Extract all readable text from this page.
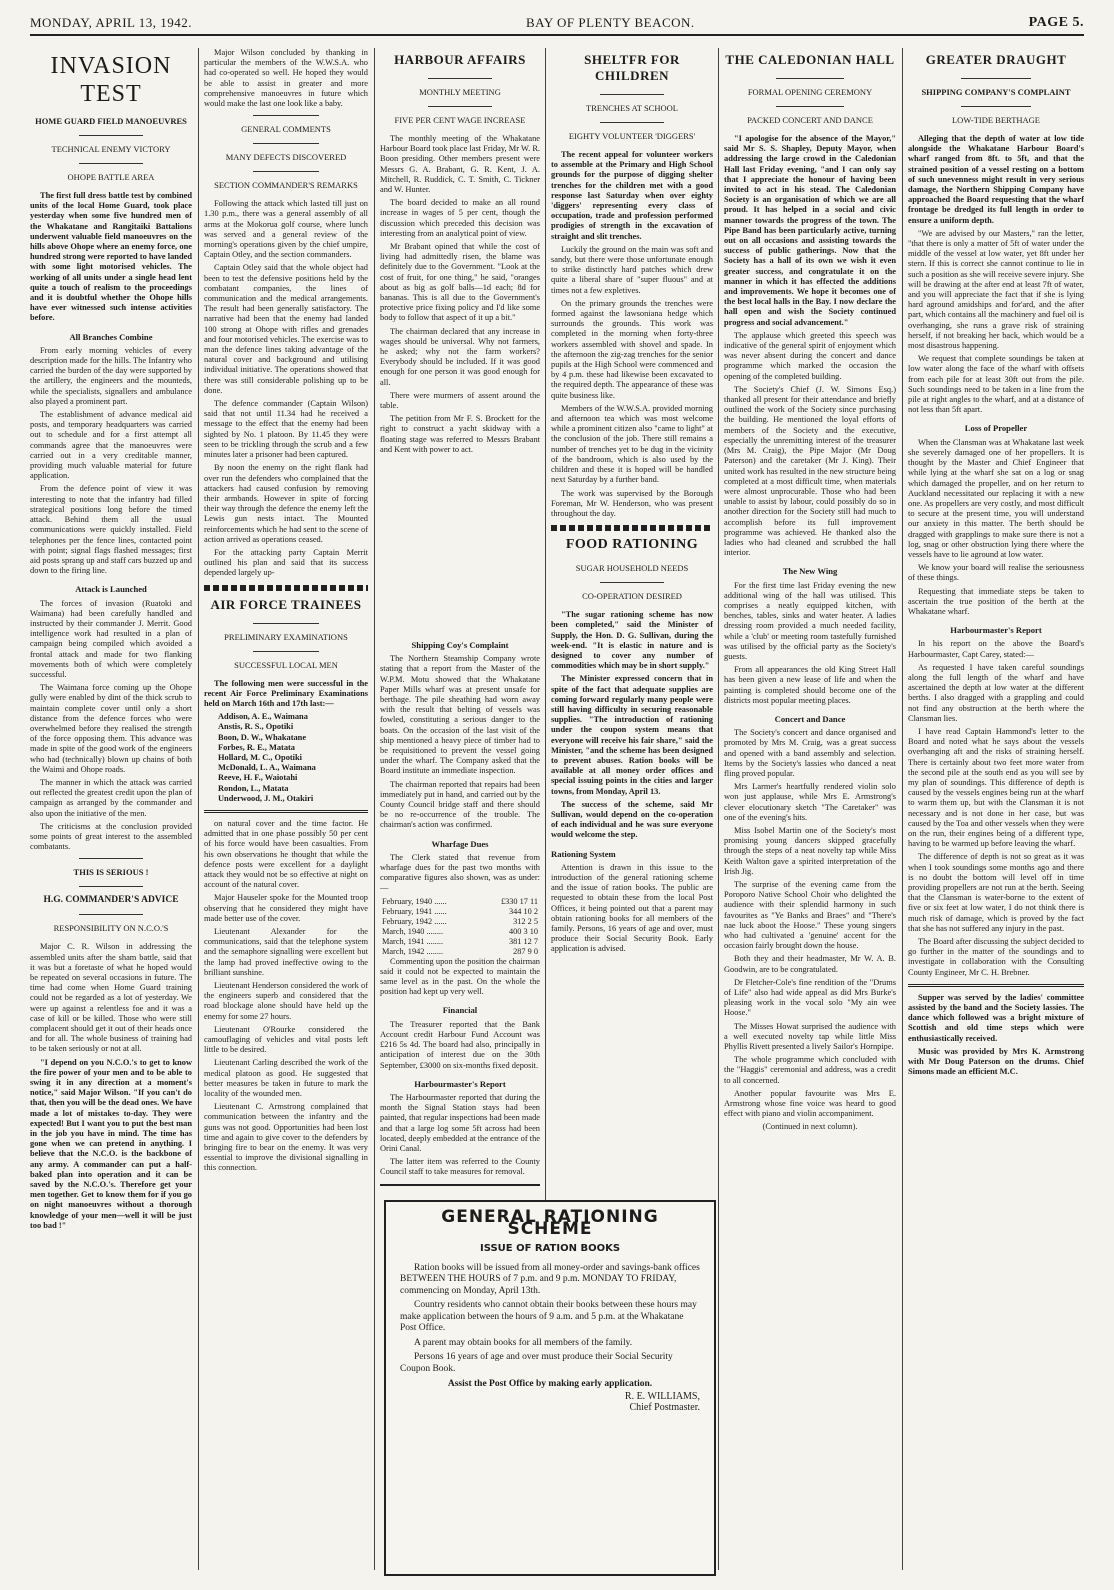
MONDAY, APRIL 13, 1942.	BAY OF PLENTY BEACON.	PAGE 5.
INVASION TEST
HOME GUARD FIELD MANOEUVRES
TECHNICAL ENEMY VICTORY
OHOPE BATTLE AREA

The first full dress battle test by combined units of the local Home Guard, took place yesterday when some five hundred men of the Whakatane and Rangitaiki Battalions underwent valuable field manoeuvres on the hills above Ohope where an enemy force, one hundred strong were reported to have landed with some light motorised vehicles. The working of all units under a single head lent quite a touch of realism to the proceedings and it is doubtful whether the Ohope hills have ever witnessed such intense activities before.

All Branches Combine

From early morning vehicles of every description made for the hills. The Infantry who carried the burden of the day were supported by the artillery, the engineers and the mounteds, while the specialists, signallers and ambulance also played a prominent part.

The establishment of advance medical aid posts, and temporary headquarters was carried out to schedule and for a first attempt all commands agree that the manoeuvres were carried out in a very creditable manner, providing much valuable material for future application.

From the defence point of view it was interesting to note that the infantry had filled strategical positions long before the timed attack. Behind them all the usual communications were quickly installed. Field telephones per the fence lines, contacted point with point; signal flags flashed messages; first aid posts sprang up and staff cars buzzed up and down to the firing line.

Attack is Launched

The forces of invasion (Ruatoki and Waimana) had been carefully handled and instructed by their commander J. Merrit. Good intelligence work had resulted in a plan of campaign being compiled which avoided a frontal attack and made for two flanking movements both of which were completely successful.

The Waimana force coming up the Ohope gully were enabled by dint of the thick scrub to maintain complete cover until only a short distance from the defence forces who were overwhelmed before they realised the strength of the force opposing them. This advance was made in spite of the good work of the engineers who had (technically) blown up chains of both the Waimi and Ohope roads.

The manner in which the attack was carried out reflected the greatest credit upon the plan of campaign as arranged by the commander and also upon the initiative of the men.

The criticisms at the conclusion provided some points of great interest to the assembled combatants.

THIS IS SERIOUS !
H.G. COMMANDER'S ADVICE
RESPONSIBILITY ON N.C.O.'S

Major C. R. Wilson in addressing the assembled units after the sham battle, said that it was but a foretaste of what he hoped would be repeated on several occasions in future. The time had come when Home Guard training could not be regarded as a lot of yesterday. We were up against a relentless foe and it was a case of kill or be killed. Those who were still complacent should get it out of their heads once and for all. The whole business of training had to be taken seriously or not at all.

"I depend on you N.C.O.'s to get to know the fire power of your men and to be able to swing it in any direction at a moment's notice," said Major Wilson. "If you can't do that, then you will be the dead ones. We have made a lot of mistakes to-day. They were expected! But I want you to put the best man in the job you have in mind. The time has gone when we can pretend in anything. I believe that the N.C.O. is the backbone of any army. A commander can put a half-baked plan into operation and it can be saved by the N.C.O.'s. Therefore get your men together. Get to know them for if you go on night manoeuvres without a thorough knowledge of your men—well it will be just too bad !"

Major Wilson concluded by thanking in particular the members of the W.W.S.A. who had co-operated so well. He hoped they would be able to assist in greater and more comprehensive manoeuvres in future which would make the last one look like a baby.

GENERAL COMMENTS
MANY DEFECTS DISCOVERED
SECTION COMMANDER'S REMARKS

Following the attack which lasted till just on 1.30 p.m., there was a general assembly of all arms at the Mokorua golf course, where lunch was served and a general review of the morning's operations given by the chief umpire, Captain Otley, and the section commanders.

Captain Otley said that the whole object had been to test the defensive positions held by the combatant companies, the lines of communication and the medical arrangements. The result had been generally satisfactory. The narrative had been that the enemy had landed 100 strong at Ohope with rifles and grenades and four motorised vehicles. The exercise was to man the defence lines taking advantage of the natural cover and background and utilising individual initiative. The operations showed that there was still considerable polishing up to be done.

The defence commander (Captain Wilson) said that not until 11.34 had he received a message to the effect that the enemy had been sighted by No. 1 platoon. By 11.45 they were seen to be trickling through the scrub and a few minutes later a prisoner had been captured.

By noon the enemy on the right flank had over run the defenders who complained that the attackers had caused confusion by removing their armbands. However in spite of forcing their way through the defence the enemy left the Lewis gun nests intact. The Mounted reinforcements which he had sent to the scene of action arrived as operations ceased.

For the attacking party Captain Merrit outlined his plan and said that its success depended largely up-

AIR FORCE TRAINEES
PRELIMINARY EXAMINATIONS
SUCCESSFUL LOCAL MEN

The following men were successful in the recent Air Force Preliminary Examinations held on March 16th and 17th last:—

Addison, A. E., Waimana
Anstis, R. S., Opotiki
Boon, D. W., Whakatane
Forbes, R. E., Matata
Hollard, M. C., Opotiki
McDonald, L. A., Waimana
Reeve, H. F., Waiotahi
Rondon, L., Matata
Underwood, J. M., Otakiri

on natural cover and the time factor. He admitted that in one phase possibly 50 per cent of his force would have been casualties. From his own observations he thought that while the defence posts were excellent for a daylight attack they would not be so effective at night on account of the natural cover.

Major Hauseler spoke for the Mounted troop observing that he considered they might have made better use of the cover.

Lieutenant Alexander for the communications, said that the telephone system and the semaphore signalling were excellent but the lamp had proved ineffective owing to the brilliant sunshine.

Lieutenant Henderson considered the work of the engineers superb and considered that the road blockage alone should have held up the enemy for some 27 hours.

Lieutenant O'Rourke considered the camouflaging of vehicles and vital posts left little to be desired.

Lieutenant Carling described the work of the medical platoon as good. He suggested that better measures be taken in future to mark the locality of the wounded men.

Lieutenant C. Armstrong complained that communication between the infantry and the guns was not good. Opportunities had been lost time and again to give cover to the defenders by bringing fire to bear on the enemy. It was very essential to improve the divisional signalling in this connection.

HARBOUR AFFAIRS
MONTHLY MEETING
FIVE PER CENT WAGE INCREASE

The monthly meeting of the Whakatane Harbour Board took place last Friday, Mr W. R. Boon presiding. Other members present were Messrs G. A. Brabant, G. R. Kent, J. A. Mitchell, R. Ruddick, C. T. Smith, C. Tickner and W. Hunter.

The board decided to make an all round increase in wages of 5 per cent, though the discussion which preceded this decision was interesting from an analytical point of view.

Mr Brabant opined that while the cost of living had admittedly risen, the blame was definitely due to the Government. "Look at the cost of fruit, for one thing," he said, "oranges about as big as golf balls—1d each; 8d for bananas. This is all due to the Government's protective price fixing policy and I'd like some body to follow that aspect of it up a bit."

The chairman declared that any increase in wages should be universal. Why not farmers, he asked; why not the farm workers? Everybody should be included. If it was good enough for one person it was good enough for all.

There were murmers of assent around the table.

The petition from Mr F. S. Brockett for the right to construct a yacht skidway with a floating stage was referred to Messrs Brabant and Kent with power to act.

Shipping Coy's Complaint

The Northern Steamship Company wrote stating that a report from the Master of the W.P.M. Motu showed that the Whakatane Paper Mills wharf was at present unsafe for berthage. The pile sheathing had worn away with the result that belting of vessels was fowled, constituting a serious danger to the boats. On the occasion of the last visit of the ship mentioned a heavy piece of timber had to be requisitioned to prevent the vessel going under the wharf. The Company asked that the Board institute an immediate inspection.

The chairman reported that repairs had been immediately put in hand, and carried out by the County Council bridge staff and there should be no re-occurrence of the trouble. The chairman's action was confirmed.

Wharfage Dues

The Clerk stated that revenue from wharfage dues for the past two months with comparative figures also shown, was as under:—

February, 1940 ......	£330 17 11
February, 1941 ......	344 10 2
February, 1942 ......	312 2 5
March, 1940 ........	400 3 10
March, 1941 ........	381 12 7
March, 1942 ........	287 9 0

Commenting upon the position the chairman said it could not be expected to maintain the same level as in the past. On the whole the position had kept up very well.

Financial

The Treasurer reported that the Bank Account credit Harbour Fund Account was £216 5s 4d. The board had also, principally in anticipation of interest due on the 30th September, £3000 on six-months fixed deposit.

Harbourmaster's Report

The Harbourmaster reported that during the month the Signal Station stays had been painted, that regular inspections had been made and that a large log some 5ft across had been located, deeply embedded at the entrance of the Orini Canal.

The latter item was referred to the County Council staff to take measures for removal.

SHELTFR FOR CHILDREN
TRENCHES AT SCHOOL
EIGHTY VOLUNTEER 'DIGGERS'

The recent appeal for volunteer workers to assemble at the Primary and High School grounds for the purpose of digging shelter trenches for the children met with a good response last Saturday when over eighty 'diggers' representing every class of occupation, trade and profession performed prodigies of strength in the excavation of straight and slit trenches.

Luckily the ground on the main was soft and sandy, but there were those unfortunate enough to strike distinctly hard patches which drew quite a liberal share of "super fluous" and at times not a few expletives.

On the primary grounds the trenches were formed against the lawsoniana hedge which surrounds the grounds. This work was completed in the morning when forty-three workers assembled with shovel and spade. In the afternoon the zig-zag trenches for the senior pupils at the High School were commenced and by 4 p.m. these had likewise been excavated to the required depth. The appearance of these was quite business like.

Members of the W.W.S.A. provided morning and afternoon tea which was most welcome while a prominent citizen also "came to light" at the conclusion of the job. There still remains a number of trenches yet to be dug in the vicinity of the bandroom, which is also used by the children and these it is hoped will be handled next Saturday by a further band.

The work was supervised by the Borough Foreman, Mr W. Henderson, who was present throughout the day.

FOOD RATIONING
SUGAR HOUSEHOLD NEEDS
CO-OPERATION DESIRED

"The sugar rationing scheme has now been completed," said the Minister of Supply, the Hon. D. G. Sullivan, during the week-end. "It is elastic in nature and is designed to cover any number of commodities which may be in short supply."

The Minister expressed concern that in spite of the fact that adequate supplies are coming forward regularly many people were still having difficulty in securing reasonable supplies. "The introduction of rationing under the coupon system means that everyone will receive his fair share," said the Minister, "and the scheme has been designed to prevent abuses. Ration books will be available at all money order offices and special issuing points in the cities and larger towns, from Monday, April 13.

The success of the scheme, said Mr Sullivan, would depend on the co-operation of each individual and he was sure everyone would welcome the step.

Rationing System

Attention is drawn in this issue to the introduction of the general rationing scheme and the issue of ration books. The public are requested to obtain these from the local Post Offices, it being pointed out that a parent may obtain rationing books for all members of the family. Persons, 16 years of age and over, must produce their Social Security Book. Early application is advised.

THE CALEDONIAN HALL
FORMAL OPENING CEREMONY
PACKED CONCERT AND DANCE

"I apologise for the absence of the Mayor," said Mr S. S. Shapley, Deputy Mayor, when addressing the large crowd in the Caledonian Hall last Friday evening, "and I can only say that I appreciate the honour of having been invited to act in his stead. The Caledonian Society is an organisation of which we are all proud. It has helped in a social and civic manner towards the progress of the town. The Pipe Band has been particularly active, turning out on all occasions and assisting towards the success of public gatherings. Now that the Society has a hall of its own we wish it even greater success, and congratulate it on the manner in which it has effected the additions and improvements. We hope it becomes one of the best local halls in the Bay. I now declare the hall open and wish the Society continued progress and social advancement."

The applause which greeted this speech was indicative of the general spirit of enjoyment which was never absent during the concert and dance programme which marked the occasion the opening of the completed building.

The Society's Chief (J. W. Simons Esq.) thanked all present for their attendance and briefly outlined the work of the Society since purchasing the building. He mentioned the loyal efforts of members of the Society and the executive, especially the unremitting interest of the treasurer (Mrs M. Craig), the Pipe Major (Mr Doug Paterson) and the caretaker (Mr J. King). Their united work has resulted in the new structure being completed at a most difficult time, when materials were almost unprocurable. Those who had been unable to assist by labour, could possibly do so in another direction for the Society still had much to accomplish before its full improvement programme was achieved. He thanked also the ladies who had cleaned and scrubbed the hall interior.

The New Wing

For the first time last Friday evening the new additional wing of the hall was utilised. This comprises a neatly equipped kitchen, with benches, tables, sinks and water heater. A ladies dressing room provided a much needed facility, while a 'club' or meeting room tastefully furnished was utilised by the official party as the Society's guests.

From all appearances the old King Street Hall has been given a new lease of life and when the painting is completed should become one of the districts most popular meeting places.

Concert and Dance

The Society's concert and dance organised and promoted by Mrs M. Craig, was a great success and opened with a band assembly and selection. Items by the Society's lassies who danced a neat fling proved popular.

Mrs Larmer's heartfully rendered violin solo won just applause, while Mrs E. Armstrong's clever elocutionary sketch "The Caretaker" was one of the evening's hits.

Miss Isobel Martin one of the Society's most promising young dancers skipped gracefully through the steps of a neat novelty tap while Miss Keith Walton gave a spirited interpretation of the Irish Jig.

The surprise of the evening came from the Poroporo Native School Choir who delighted the audience with their splendid harmony in such favourites as "Ye Banks and Braes" and "There's nae luck aboot the Hoose." These young singers who had cultivated a 'genuine' accent for the occasion fairly brought down the house.

Both they and their headmaster, Mr W. A. B. Goodwin, are to be congratulated.

Dr Fletcher-Cole's fine rendition of the "Drums of Life" also had wide appeal as did Mrs Burke's pleasing work in the vocal solo "My ain wee Hoose."

The Misses Howat surprised the audience with a well executed novelty tap while little Miss Phyllis Rivett presented a lively Sailor's Hornpipe.

The whole programme which concluded with the "Haggis" ceremonial and address, was a credit to all concerned.

Another popular favourite was Mrs E. Armstrong whose fine voice was heard to good effect with piano and violin accompaniment.

(Continued in next column).
GREATER DRAUGHT
SHIPPING COMPANY'S COMPLAINT
LOW-TIDE BERTHAGE

Alleging that the depth of water at low tide alongside the Whakatane Harbour Board's wharf ranged from 8ft. to 5ft, and that the strained position of a vessel resting on a bottom of such unevenness might result in very serious damage, the Northern Shipping Company have approached the Board requesting that the wharf frontage be dredged its full length in order to ensure a uniform depth.

"We are advised by our Masters," ran the letter, "that there is only a matter of 5ft of water under the middle of the vessel at low water, yet 8ft under her stern. If this is correct she cannot continue to lie in such a position as she will receive severe injury. She will be drawing at the after end at least 7ft of water, and you will appreciate the fact that if she is lying hard aground amidships and for'ard, and the after part, which contains all the machinery and fuel oil is overhanging, she runs a grave risk of straining herself, if not breaking her back, which would be a most disastrous happening.

We request that complete soundings be taken at low water along the face of the wharf with offsets from each pile for at least 30ft out from the pile. Such soundings need to be taken in a line from the pile at right angles to the wharf, and at a distance of not less than 5ft apart.

Loss of Propeller

When the Clansman was at Whakatane last week she severely damaged one of her propellers. It is thought by the Master and Chief Engineer that while lying at the wharf she sat on a log or snag which damaged the propeller, and on her return to Auckland necessitated our replacing it with a new one. As propellers are very costly, and most difficult to secure at the present time, you will understand our anxiety in this matter. The berth should be dragged with grapplings to make sure there is not a log, snag or other obstruction lying there where the vessels have to lie aground at low water.

We know your board will realise the seriousness of these things.

Requesting that immediate steps be taken to ascertain the true position of the berth at the Whakatane wharf.

Harbourmaster's Report

In his report on the above the Board's Harbourmaster, Capt Carey, stated:—

As requested I have taken careful soundings along the full length of the wharf and have ascertained the depth at low water at the different berths. I also dragged with a grappling and could not find any obstruction at the berth where the Clansman lies.

I have read Captain Hammond's letter to the Board and noted what he says about the vessels overhanging aft and the risks of straining herself. There is certainly about two feet more water from the second pile at the south end as you will see by my plan of soundings. This difference of depth is caused by the vessels engines being run at the wharf to warm them up, but with the Clansman it is not necessary and is not done in her case, but was caused by the Toa and other vessels when they were on the run, their engines being of a different type, having to be warmed up before leaving the wharf.

The difference of depth is not so great as it was when I took soundings some months ago and there is no doubt the bottom will level off in time providing propellers are not run at the berth. Seeing that the Clansman is water-borne to the extent of five or six feet at low water, I do not think there is much risk of damage, which is proved by the fact that she has not suffered any injury in the past.

The Board after discussing the subject decided to go further in the matter of the soundings and to investigate in collaboration with the Consulting County Engineer, Mr C. H. Brebner.

Supper was served by the ladies' committee assisted by the band and the Society lassies. The dance which followed was a bright mixture of Scottish and old time steps which were enthusiastically received.

Music was provided by Mrs K. Armstrong with Mr Doug Paterson on the drums. Chief Simons made an efficient M.C.

GENERAL RATIONING SCHEME
ISSUE OF RATION BOOKS

Ration books will be issued from all money-order and savings-bank offices BETWEEN THE HOURS of 7 p.m. and 9 p.m. MONDAY TO FRIDAY, commencing on Monday, April 13th.

Country residents who cannot obtain their books between these hours may make application between the hours of 9 a.m. and 5 p.m. at the Whakatane Post Office.

A parent may obtain books for all members of the family.

Persons 16 years of age and over must produce their Social Security Coupon Book.

Assist the Post Office by making early application.
R. E. WILLIAMS,
Chief Postmaster.
